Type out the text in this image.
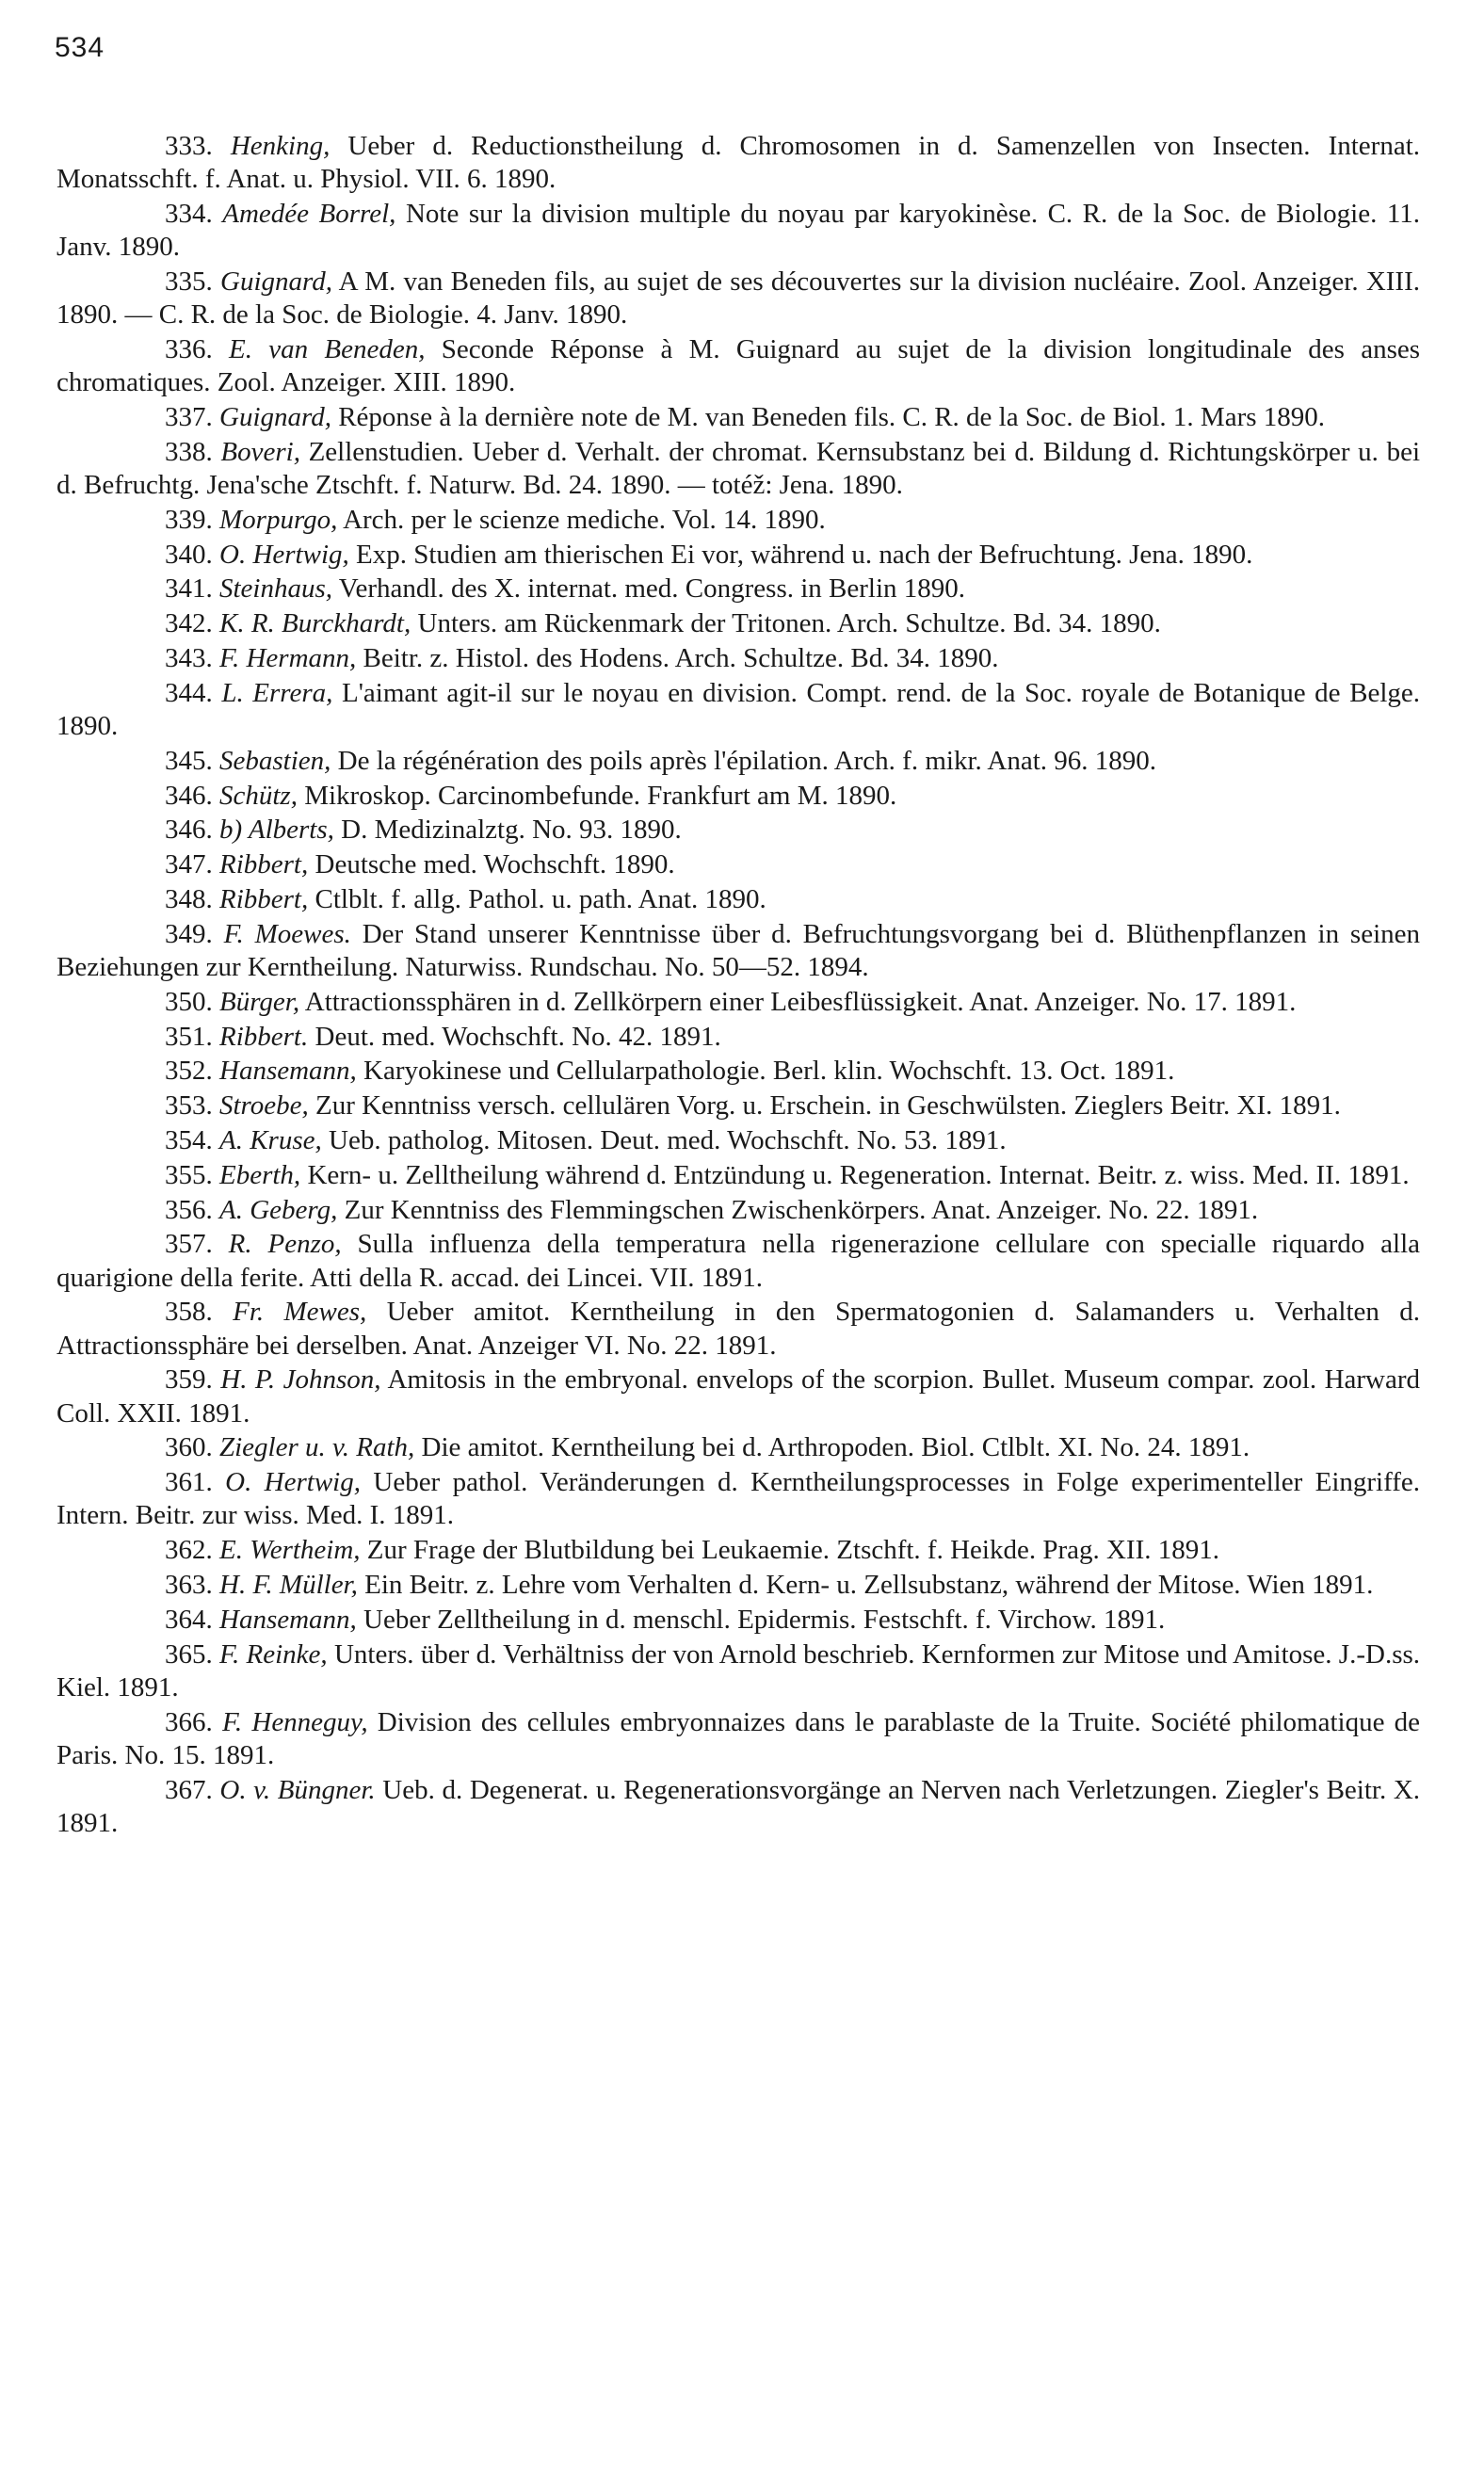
534
333. Henking, Ueber d. Reductionstheilung d. Chromosomen in d. Samenzellen von Insecten. Internat. Monatsschft. f. Anat. u. Physiol. VII. 6. 1890.
334. Amedée Borrel, Note sur la division multiple du noyau par karyokinèse. C. R. de la Soc. de Biologie. 11. Janv. 1890.
335. Guignard, A M. van Beneden fils, au sujet de ses découvertes sur la division nucléaire. Zool. Anzeiger. XIII. 1890. — C. R. de la Soc. de Biologie. 4. Janv. 1890.
336. E. van Beneden, Seconde Réponse à M. Guignard au sujet de la division longitudinale des anses chromatiques. Zool. Anzeiger. XIII. 1890.
337. Guignard, Réponse à la dernière note de M. van Beneden fils. C. R. de la Soc. de Biol. 1. Mars 1890.
338. Boveri, Zellenstudien. Ueber d. Verhalt. der chromat. Kernsubstanz bei d. Bildung d. Richtungskörper u. bei d. Befruchtg. Jena'sche Ztschft. f. Naturw. Bd. 24. 1890. — totéž: Jena. 1890.
339. Morpurgo, Arch. per le scienze mediche. Vol. 14. 1890.
340. O. Hertwig, Exp. Studien am thierischen Ei vor, während u. nach der Befruchtung. Jena. 1890.
341. Steinhaus, Verhandl. des X. internat. med. Congress. in Berlin 1890.
342. K. R. Burckhardt, Unters. am Rückenmark der Tritonen. Arch. Schultze. Bd. 34. 1890.
343. F. Hermann, Beitr. z. Histol. des Hodens. Arch. Schultze. Bd. 34. 1890.
344. L. Errera, L'aimant agit-il sur le noyau en division. Compt. rend. de la Soc. royale de Botanique de Belge. 1890.
345. Sebastien, De la régénération des poils après l'épilation. Arch. f. mikr. Anat. 96. 1890.
346. Schütz, Mikroskop. Carcinombefunde. Frankfurt am M. 1890.
346. b) Alberts, D. Medizinalztg. No. 93. 1890.
347. Ribbert, Deutsche med. Wochschft. 1890.
348. Ribbert, Ctlblt. f. allg. Pathol. u. path. Anat. 1890.
349. F. Moewes. Der Stand unserer Kenntnisse über d. Befruchtungsvorgang bei d. Blüthenpflanzen in seinen Beziehungen zur Kerntheilung. Naturwiss. Rundschau. No. 50—52. 1894.
350. Bürger, Attractionssphären in d. Zellkörpern einer Leibesflüssigkeit. Anat. Anzeiger. No. 17. 1891.
351. Ribbert. Deut. med. Wochschft. No. 42. 1891.
352. Hansemann, Karyokinese und Cellularpathologie. Berl. klin. Wochschft. 13. Oct. 1891.
353. Stroebe, Zur Kenntniss versch. cellulären Vorg. u. Erschein. in Geschwülsten. Zieglers Beitr. XI. 1891.
354. A. Kruse, Ueb. patholog. Mitosen. Deut. med. Wochschft. No. 53. 1891.
355. Eberth, Kern- u. Zelltheilung während d. Entzündung u. Regeneration. Internat. Beitr. z. wiss. Med. II. 1891.
356. A. Geberg, Zur Kenntniss des Flemmingschen Zwischenkörpers. Anat. Anzeiger. No. 22. 1891.
357. R. Penzo, Sulla influenza della temperatura nella rigenerazione cellulare con specialle riquardo alla quarigione della ferite. Atti della R. accad. dei Lincei. VII. 1891.
358. Fr. Mewes, Ueber amitot. Kerntheilung in den Spermatogonien d. Salamanders u. Verhalten d. Attractionssphäre bei derselben. Anat. Anzeiger VI. No. 22. 1891.
359. H. P. Johnson, Amitosis in the embryonal. envelops of the scorpion. Bullet. Museum compar. zool. Harward Coll. XXII. 1891.
360. Ziegler u. v. Rath, Die amitot. Kerntheilung bei d. Arthropoden. Biol. Ctlblt. XI. No. 24. 1891.
361. O. Hertwig, Ueber pathol. Veränderungen d. Kerntheilungsprocesses in Folge experimenteller Eingriffe. Intern. Beitr. zur wiss. Med. I. 1891.
362. E. Wertheim, Zur Frage der Blutbildung bei Leukaemie. Ztschft. f. Heikde. Prag. XII. 1891.
363. H. F. Müller, Ein Beitr. z. Lehre vom Verhalten d. Kern- u. Zellsubstanz, während der Mitose. Wien 1891.
364. Hansemann, Ueber Zelltheilung in d. menschl. Epidermis. Festschft. f. Virchow. 1891.
365. F. Reinke, Unters. über d. Verhältniss der von Arnold beschrieb. Kernformen zur Mitose und Amitose. J.-D.ss. Kiel. 1891.
366. F. Henneguy, Division des cellules embryonnaizes dans le parablaste de la Truite. Société philomatique de Paris. No. 15. 1891.
367. O. v. Büngner. Ueb. d. Degenerat. u. Regenerationsvorgänge an Nerven nach Verletzungen. Ziegler's Beitr. X. 1891.
